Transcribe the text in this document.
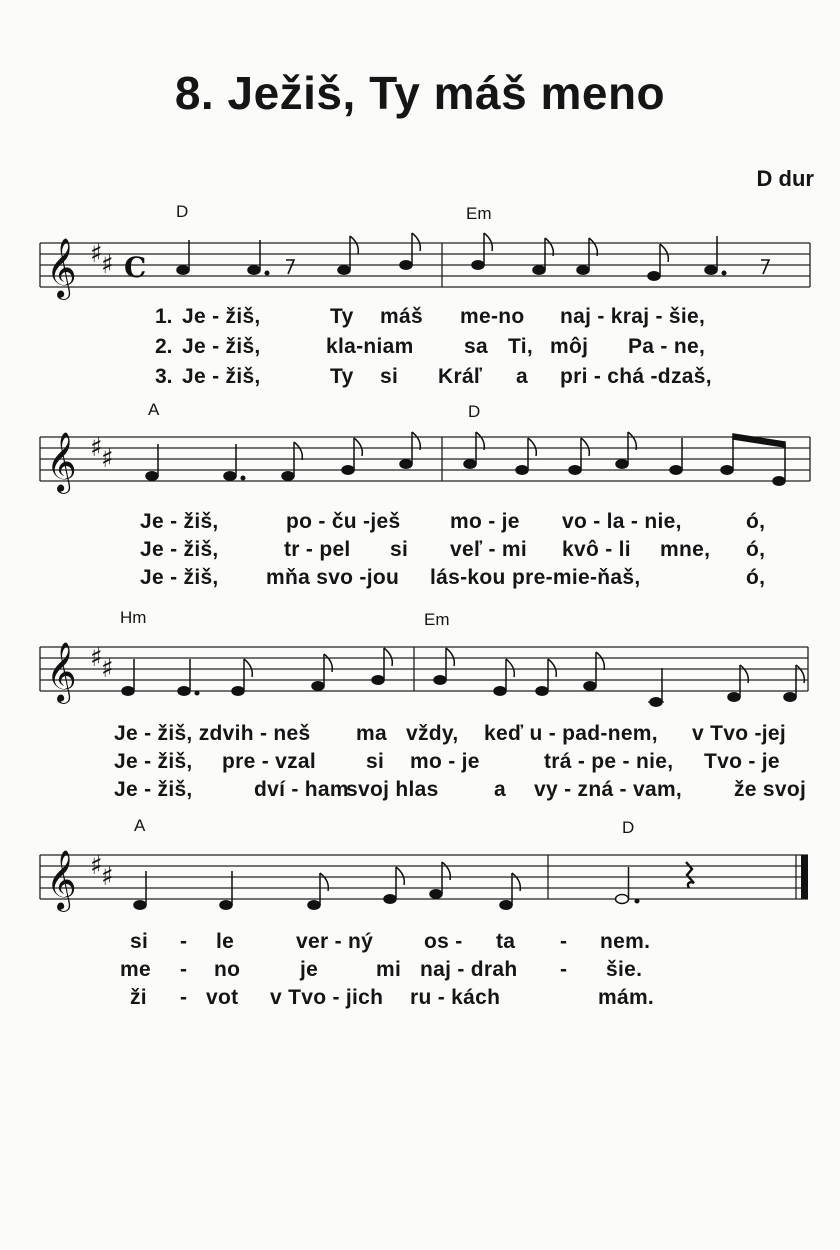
8. Ježiš, Ty máš meno
D dur
D	Em
𝄞 ♯
♯ C
1.
2.
3.
Je - žiš,	Ty máš me-no naj - kraj - šie,
Je - žiš,	kla-niam sa Ti, môj Pa - ne,
Je - žiš,	Ty si Kráľ a pri - chá -dzaš,
A	D
𝄞 ♯
♯
Je - žiš,	po - ču -ješ mo - je vo - la - nie,	ó,
Je - žiš,	tr - pel si veľ - mi kvô - li mne, ó,
Je - žiš, mňa svo -jou lás-kou pre-mie-ňaš,	ó,
Hm	Em
𝄞 ♯
♯
Je - žiš, zdvih - neš ma vždy, keď u - pad-nem, v Tvo -jej
Je - žiš, pre - vzal si mo - je	trá - pe - nie, Tvo - je
Je - žiš,	dví - ham
svoj hlas	a vy - zná - vam, že svoj
A	D
𝄞 ♯
♯
si - le	ver - ný os - ta - nem.
me - no	je	mi naj - drah - šie.
ži - vot v Tvo - jich ru - kách	mám.
